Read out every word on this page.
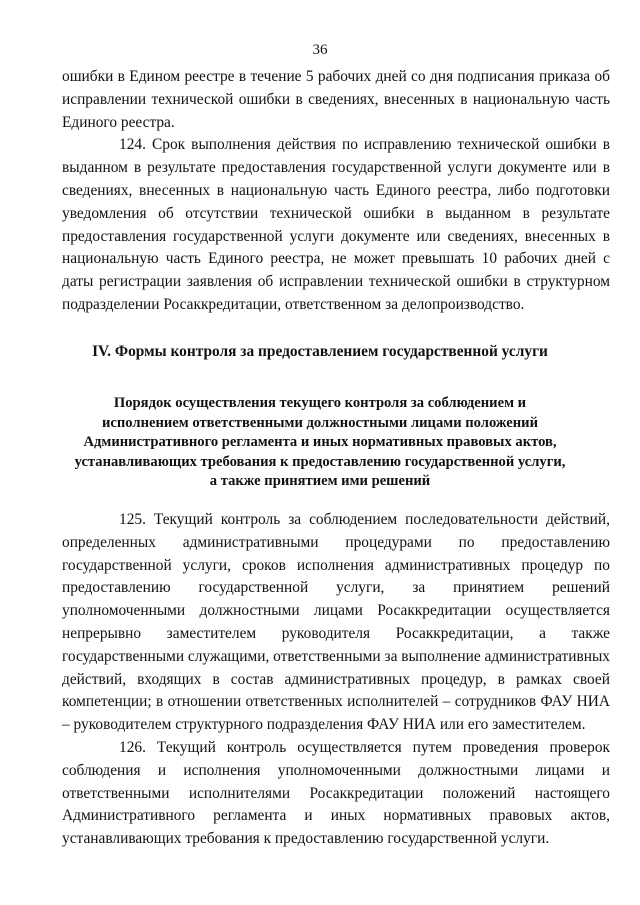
36

ошибки в Едином реестре в течение 5 рабочих дней со дня подписания приказа об исправлении технической ошибки в сведениях, внесенных в национальную часть Единого реестра.

124. Срок выполнения действия по исправлению технической ошибки в выданном в результате предоставления государственной услуги документе или в сведениях, внесенных в национальную часть Единого реестра, либо подготовки уведомления об отсутствии технической ошибки в выданном в результате предоставления государственной услуги документе или сведениях, внесенных в национальную часть Единого реестра, не может превышать 10 рабочих дней с даты регистрации заявления об исправлении технической ошибки в структурном подразделении Росаккредитации, ответственном за делопроизводство.

IV. Формы контроля за предоставлением государственной услуги
Порядок осуществления текущего контроля за соблюдением и исполнением ответственными должностными лицами положений Административного регламента и иных нормативных правовых актов, устанавливающих требования к предоставлению государственной услуги, а также принятием ими решений

125. Текущий контроль за соблюдением последовательности действий, определенных административными процедурами по предоставлению государственной услуги, сроков исполнения административных процедур по предоставлению государственной услуги, за принятием решений уполномоченными должностными лицами Росаккредитации осуществляется непрерывно заместителем руководителя Росаккредитации, а также государственными служащими, ответственными за выполнение административных действий, входящих в состав административных процедур, в рамках своей компетенции; в отношении ответственных исполнителей – сотрудников ФАУ НИА – руководителем структурного подразделения ФАУ НИА или его заместителем.

126. Текущий контроль осуществляется путем проведения проверок соблюдения и исполнения уполномоченными должностными лицами и ответственными исполнителями Росаккредитации положений настоящего Административного регламента и иных нормативных правовых актов, устанавливающих требования к предоставлению государственной услуги.
